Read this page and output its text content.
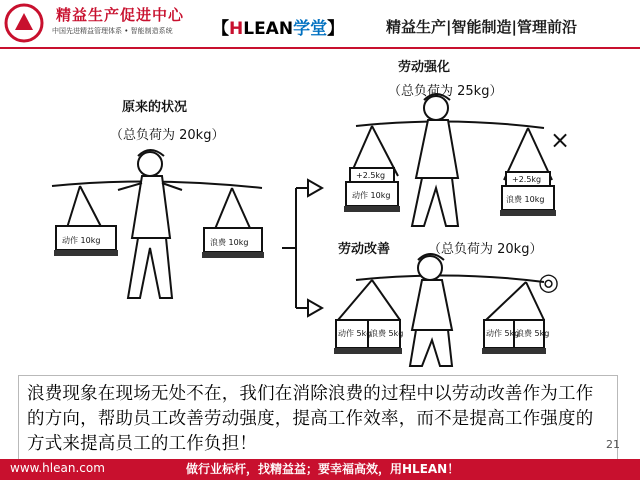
精益生产促进中心
中国先进精益管理体系 • 智能制造系统 【HLEAN学堂】	精益生产|智能制造|管理前沿
动作 10kg	浪费 10kg
+2.5kg
动作 10kg
+2.5kg
浪费 10kg
动作 5kg
浪费 5kg	动作 5kg
浪费 5kg
×
◎
原来的状况
（总负荷为 20kg）
劳动强化
（总负荷为 25kg）
劳动改善	（总负荷为 20kg）
浪费现象在现场无处不在，我们在消除浪费的过程中以劳动改善作为工作的方向，帮助员工改善劳动强度，提高工作效率，而不是提高工作强度的方式来提高员工的工作负担！
www.hlean.com	做行业标杆，找精益益；要幸福高效，用HLEAN！
21
